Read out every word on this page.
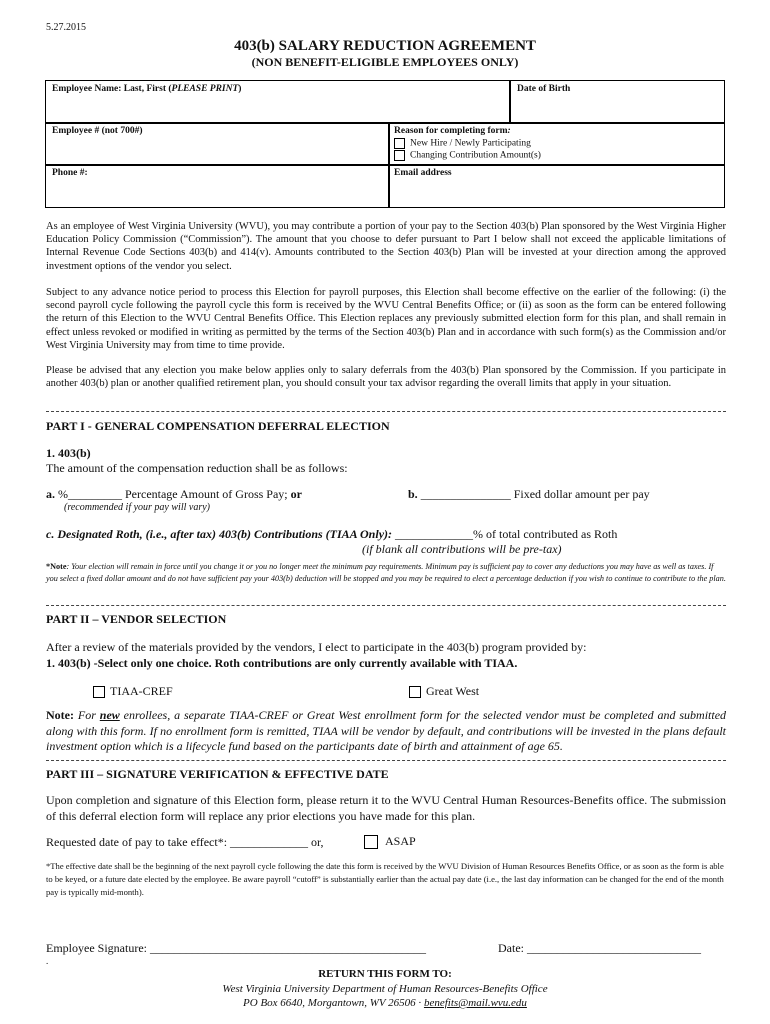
5.27.2015
403(b) SALARY REDUCTION AGREEMENT
(NON BENEFIT-ELIGIBLE EMPLOYEES ONLY)
Employee Name: Last, First (PLEASE PRINT)	Date of Birth
Employee # (not 700#)	Reason for completing form:
New Hire / Newly Participating
Changing Contribution Amount(s)
Phone #:	Email address
As an employee of West Virginia University (WVU), you may contribute a portion of your pay to the Section 403(b) Plan sponsored by the West Virginia Higher Education Policy Commission (“Commission”). The amount that you choose to defer pursuant to Part I below shall not exceed the applicable limitations of Internal Revenue Code Sections 403(b) and 414(v). Amounts contributed to the Section 403(b) Plan will be invested at your direction among the approved investment options of the vendor you select.
Subject to any advance notice period to process this Election for payroll purposes, this Election shall become effective on the earlier of the following: (i) the second payroll cycle following the payroll cycle this form is received by the WVU Central Benefits Office; or (ii) as soon as the form can be entered following the return of this Election to the WVU Central Benefits Office. This Election replaces any previously submitted election form for this plan, and shall remain in effect unless revoked or modified in writing as permitted by the terms of the Section 403(b) Plan and in accordance with such form(s) as the Commission and/or West Virginia University may from time to time provide.
Please be advised that any election you make below applies only to salary deferrals from the 403(b) Plan sponsored by the Commission. If you participate in another 403(b) plan or another qualified retirement plan, you should consult your tax advisor regarding the overall limits that apply in your situation.
PART I - GENERAL COMPENSATION DEFERRAL ELECTION
1. 403(b)
The amount of the compensation reduction shall be as follows:
a. %_________ Percentage Amount of Gross Pay; or
(recommended if your pay will vary)
b. _______________ Fixed dollar amount per pay
c. Designated Roth, (i.e., after tax) 403(b) Contributions (TIAA Only): _____________% of total contributed as Roth
(if blank all contributions will be pre-tax)
*Note: Your election will remain in force until you change it or you no longer meet the minimum pay requirements. Minimum pay is sufficient pay to cover any deductions you may have as well as taxes. If you select a fixed dollar amount and do not have sufficient pay your 403(b) deduction will be stopped and you may be required to elect a percentage deduction if you wish to continue to contribute to the plan.
PART II – VENDOR SELECTION
After a review of the materials provided by the vendors, I elect to participate in the 403(b) program provided by:
1. 403(b) -Select only one choice. Roth contributions are only currently available with TIAA.
TIAA-CREF	Great West
Note: For new enrollees, a separate TIAA-CREF or Great West enrollment form for the selected vendor must be completed and submitted along with this form. If no enrollment form is remitted, TIAA will be vendor by default, and contributions will be invested in the plans default investment option which is a lifecycle fund based on the participants date of birth and attainment of age 65.
PART III – SIGNATURE VERIFICATION & EFFECTIVE DATE
Upon completion and signature of this Election form, please return it to the WVU Central Human Resources-Benefits office. The submission of this deferral election form will replace any prior elections you have made for this plan.
Requested date of pay to take effect*: _____________ or,	ASAP
*The effective date shall be the beginning of the next payroll cycle following the date this form is received by the WVU Division of Human Resources Benefits Office, or as soon as the form is able to be keyed, or a future date elected by the employee. Be aware payroll “cutoff” is substantially earlier than the actual pay date (i.e., the last day information can be changed for the end of the month pay is typically mid-month).
Employee Signature: ______________________________________________	Date: _____________________________
.
RETURN THIS FORM TO:
West Virginia University Department of Human Resources-Benefits Office
PO Box 6640, Morgantown, WV 26506 · benefits@mail.wvu.edu
